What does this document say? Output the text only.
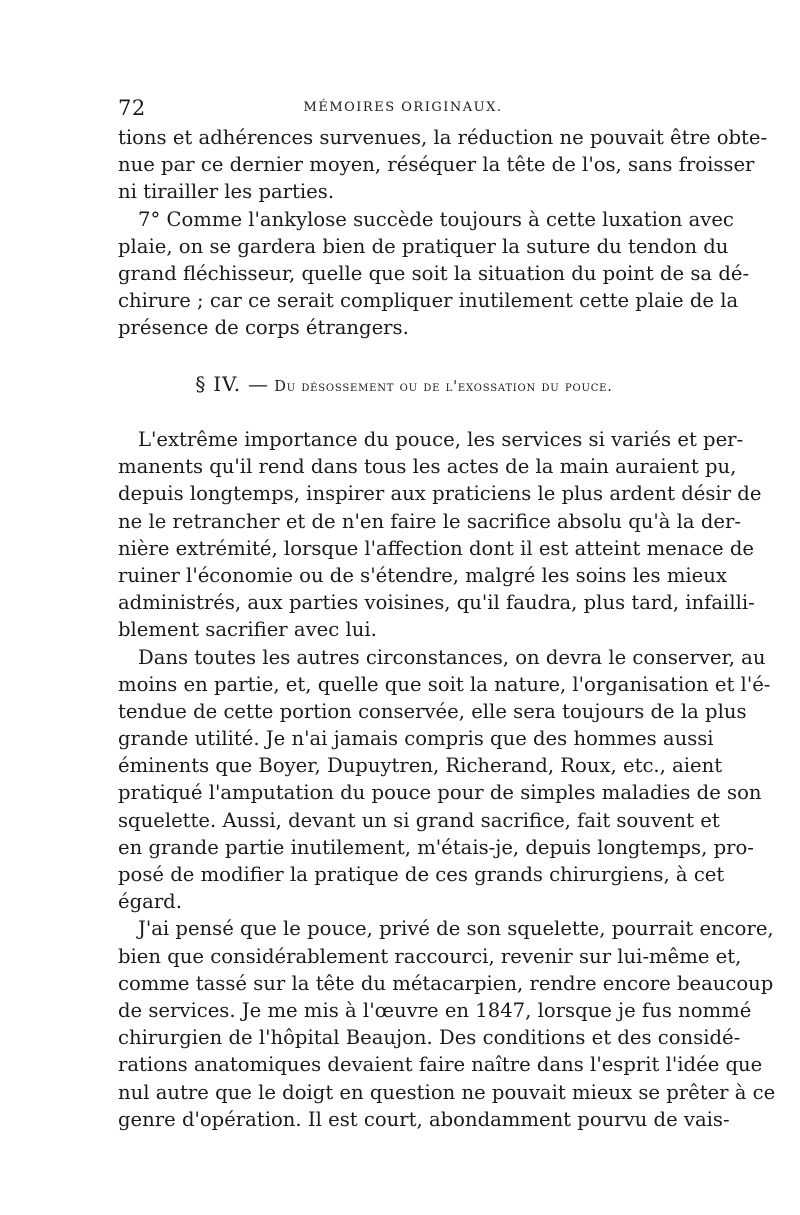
72	MÉMOIRES ORIGINAUX.
tions et adhérences survenues, la réduction ne pouvait être obte-
nue par ce dernier moyen, réséquer la tête de l'os, sans froisser
ni tirailler les parties.
7° Comme l'ankylose succède toujours à cette luxation avec
plaie, on se gardera bien de pratiquer la suture du tendon du
grand fléchisseur, quelle que soit la situation du point de sa dé-
chirure ; car ce serait compliquer inutilement cette plaie de la
présence de corps étrangers.
§ IV. — Du désossement ou de l'exossation du pouce.
L'extrême importance du pouce, les services si variés et per-
manents qu'il rend dans tous les actes de la main auraient pu,
depuis longtemps, inspirer aux praticiens le plus ardent désir de
ne le retrancher et de n'en faire le sacrifice absolu qu'à la der-
nière extrémité, lorsque l'affection dont il est atteint menace de
ruiner l'économie ou de s'étendre, malgré les soins les mieux
administrés, aux parties voisines, qu'il faudra, plus tard, infailli-
blement sacrifier avec lui.
Dans toutes les autres circonstances, on devra le conserver, au
moins en partie, et, quelle que soit la nature, l'organisation et l'é-
tendue de cette portion conservée, elle sera toujours de la plus
grande utilité. Je n'ai jamais compris que des hommes aussi
éminents que Boyer, Dupuytren, Richerand, Roux, etc., aient
pratiqué l'amputation du pouce pour de simples maladies de son
squelette. Aussi, devant un si grand sacrifice, fait souvent et
en grande partie inutilement, m'étais-je, depuis longtemps, pro-
posé de modifier la pratique de ces grands chirurgiens, à cet
égard.
J'ai pensé que le pouce, privé de son squelette, pourrait encore,
bien que considérablement raccourci, revenir sur lui-même et,
comme tassé sur la tête du métacarpien, rendre encore beaucoup
de services. Je me mis à l'œuvre en 1847, lorsque je fus nommé
chirurgien de l'hôpital Beaujon. Des conditions et des considé-
rations anatomiques devaient faire naître dans l'esprit l'idée que
nul autre que le doigt en question ne pouvait mieux se prêter à ce
genre d'opération. Il est court, abondamment pourvu de vais-
